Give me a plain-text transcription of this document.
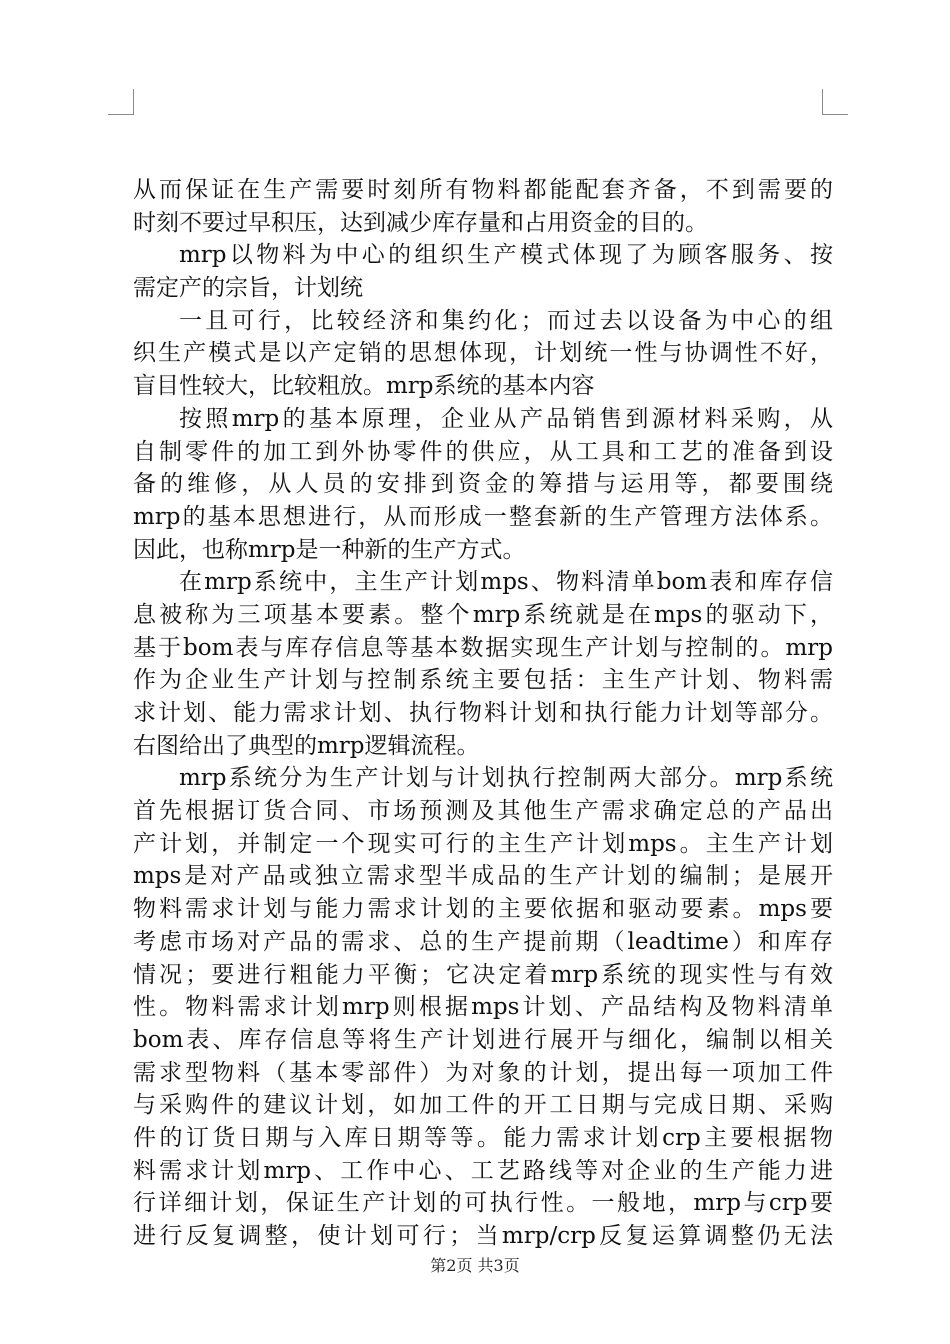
从而保证在生产需要时刻所有物料都能配套齐备，不到需要的
时刻不要过早积压，达到减少库存量和占用资金的目的。
mrp以物料为中心的组织生产模式体现了为顾客服务、按
需定产的宗旨，计划统
一且可行，比较经济和集约化；而过去以设备为中心的组
织生产模式是以产定销的思想体现，计划统一性与协调性不好，
盲目性较大，比较粗放。mrp系统的基本内容
按照mrp的基本原理，企业从产品销售到源材料采购，从
自制零件的加工到外协零件的供应，从工具和工艺的准备到设
备的维修，从人员的安排到资金的筹措与运用等，都要围绕
mrp的基本思想进行，从而形成一整套新的生产管理方法体系。
因此，也称mrp是一种新的生产方式。
在mrp系统中，主生产计划mps、物料清单bom表和库存信
息被称为三项基本要素。整个mrp系统就是在mps的驱动下，
基于bom表与库存信息等基本数据实现生产计划与控制的。mrp
作为企业生产计划与控制系统主要包括：主生产计划、物料需
求计划、能力需求计划、执行物料计划和执行能力计划等部分。
右图给出了典型的mrp逻辑流程。
mrp系统分为生产计划与计划执行控制两大部分。mrp系统
首先根据订货合同、市场预测及其他生产需求确定总的产品出
产计划，并制定一个现实可行的主生产计划mps。主生产计划
mps是对产品或独立需求型半成品的生产计划的编制；是展开
物料需求计划与能力需求计划的主要依据和驱动要素。mps要
考虑市场对产品的需求、总的生产提前期（leadtime）和库存
情况；要进行粗能力平衡；它决定着mrp系统的现实性与有效
性。物料需求计划mrp则根据mps计划、产品结构及物料清单
bom表、库存信息等将生产计划进行展开与细化，编制以相关
需求型物料（基本零部件）为对象的计划，提出每一项加工件
与采购件的建议计划，如加工件的开工日期与完成日期、采购
件的订货日期与入库日期等等。能力需求计划crp主要根据物
料需求计划mrp、工作中心、工艺路线等对企业的生产能力进
行详细计划，保证生产计划的可执行性。一般地，mrp与crp要
进行反复调整，使计划可行；当mrp/crp反复运算调整仍无法
第2页 共3页
